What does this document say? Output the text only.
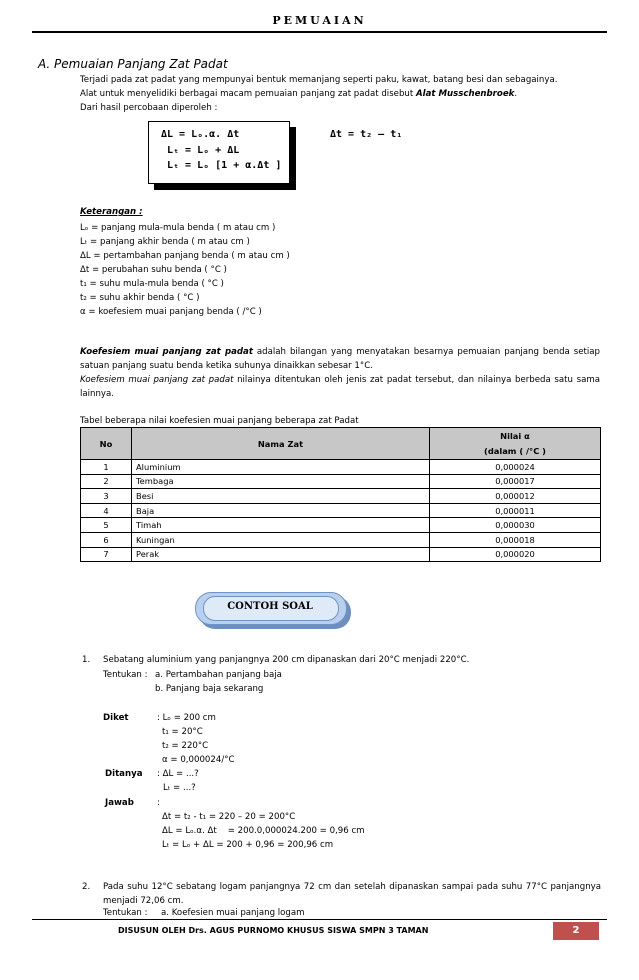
PEMUAIAN
A. Pemuaian Panjang Zat Padat
Terjadi pada zat padat yang mempunyai bentuk memanjang seperti paku, kawat, batang besi dan sebagainya.
Alat untuk menyelidiki berbagai macam pemuaian panjang zat padat disebut Alat Musschenbroek.
Dari hasil percobaan diperoleh :
ΔL = Lₒ.α. Δt
Lₜ = Lₒ + ΔL
Lₜ = Lₒ [1 + α.Δt ]
Δt = t₂ – t₁
Keterangan :
Lₒ = panjang mula-mula benda ( m atau cm )
Lₜ = panjang akhir benda ( m atau cm )
ΔL = pertambahan panjang benda ( m atau cm )
Δt = perubahan suhu benda ( °C )
t₁ = suhu mula-mula benda ( °C )
t₂ = suhu akhir benda ( °C )
α = koefesiem muai panjang benda ( /°C )
Koefesiem muai panjang zat padat adalah bilangan yang menyatakan besarnya pemuaian panjang benda setiap satuan panjang suatu benda ketika suhunya dinaikkan sebesar 1°C.
Koefesiem muai panjang zat padat nilainya ditentukan oleh jenis zat padat tersebut, dan nilainya berbeda satu sama lainnya.
Tabel beberapa nilai koefesien muai panjang beberapa zat Padat
No	Nama Zat	Nilai α
(dalam ( /°C )
1	Aluminium	0,000024
2	Tembaga	0,000017
3	Besi	0,000012
4	Baja	0,000011
5	Timah	0,000030
6	Kuningan	0,000018
7	Perak	0,000020
CONTOH SOAL
1. Sebatang aluminium yang panjangnya 200 cm dipanaskan dari 20°C menjadi 220°C.
Tentukan : a. Pertambahan panjang baja
b. Panjang baja sekarang
Diket	: Lₒ = 200 cm
t₁ = 20°C
t₂ = 220°C
α = 0,000024/°C
Ditanya : ΔL = ...?
Lₜ = ...?
Jawab	:
Δt = t₂ - t₁ = 220 – 20 = 200°C
ΔL = Lₒ.α. Δt    = 200.0,000024.200 = 0,96 cm
Lₜ = Lₒ + ΔL = 200 + 0,96 = 200,96 cm
2. Pada suhu 12°C sebatang logam panjangnya 72 cm dan setelah dipanaskan sampai pada suhu 77°C panjangnya menjadi 72,06 cm.
Tentukan : a. Koefesien muai panjang logam
DISUSUN OLEH Drs. AGUS PURNOMO KHUSUS SISWA SMPN 3 TAMAN	2
